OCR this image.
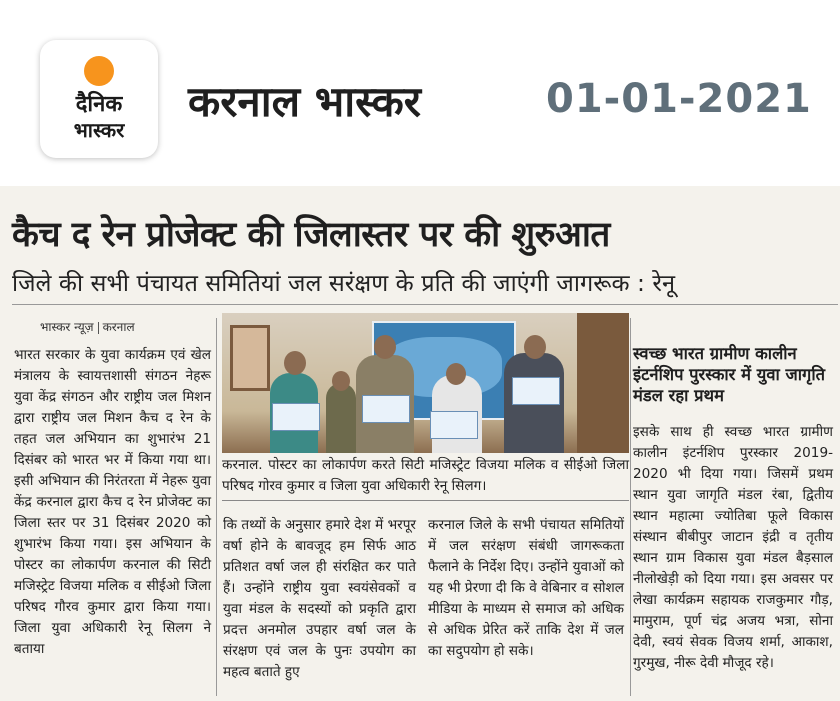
दैनिक
भास्कर
करनाल भास्कर	01-01-2021
कैच द रेन प्रोजेक्ट की जिलास्तर पर की शुरुआत
जिले की सभी पंचायत समितियां जल सरंक्षण के प्रति की जाएंगी जागरूक : रेनू
भास्कर न्यूज़ करनाल
भारत सरकार के युवा कार्यक्रम एवं खेल मंत्रालय के स्वायत्तशासी संगठन नेहरू युवा केंद्र संगठन और राष्ट्रीय जल मिशन द्वारा राष्ट्रीय जल मिशन कैच द रेन के तहत जल अभियान का शुभारंभ 21 दिसंबर को भारत भर में किया गया था। इसी अभियान की निरंतरता में नेहरू युवा केंद्र करनाल द्वारा कैच द रेन प्रोजेक्ट का जिला स्तर पर 31 दिसंबर 2020 को शुभारंभ किया गया। इस अभियान के पोस्टर का लोकार्पण करनाल की सिटी मजिस्ट्रेट विजया मलिक व सीईओ जिला परिषद गौरव कुमार द्वारा किया गया। जिला युवा अधिकारी रेनू सिलग ने बताया
करनाल. पोस्टर का लोकार्पण करते सिटी मजिस्ट्रेट विजया मलिक व सीईओ जिला परिषद गोरव कुमार व जिला युवा अधिकारी रेनू सिलग।
कि तथ्यों के अनुसार हमारे देश में भरपूर वर्षा होने के बावजूद हम सिर्फ आठ प्रतिशत वर्षा जल ही संरक्षित कर पाते हैं। उन्होंने राष्ट्रीय युवा स्वयंसेवकों व युवा मंडल के सदस्यों को प्रकृति द्वारा प्रदत्त अनमोल उपहार वर्षा जल के संरक्षण एवं जल के पुनः उपयोग का महत्व बताते हुए
करनाल जिले के सभी पंचायत समितियों में जल सरंक्षण संबंधी जागरूकता फैलाने के निर्देश दिए। उन्होंने युवाओं को यह भी प्रेरणा दी कि वे वेबिनार व सोशल मीडिया के माध्यम से समाज को अधिक से अधिक प्रेरित करें ताकि देश में जल का सदुपयोग हो सके।
स्वच्छ भारत ग्रामीण कालीन इंटर्नशिप पुरस्कार में युवा जागृति मंडल रहा प्रथम
इसके साथ ही स्वच्छ भारत ग्रामीण कालीन इंटर्नशिप पुरस्कार 2019-2020 भी दिया गया। जिसमें प्रथम स्थान युवा जागृति मंडल रंबा, द्वितीय स्थान महात्मा ज्योतिबा फूले विकास संस्थान बीबीपुर जाटान इंद्री व तृतीय स्थान ग्राम विकास युवा मंडल बैड़साल नीलोखेड़ी को दिया गया। इस अवसर पर लेखा कार्यक्रम सहायक राजकुमार गौड़, मामुराम, पूर्ण चंद्र अजय भत्रा, सोना देवी, स्वयं सेवक विजय शर्मा, आकाश, गुरमुख, नीरू देवी मौजूद रहे।
